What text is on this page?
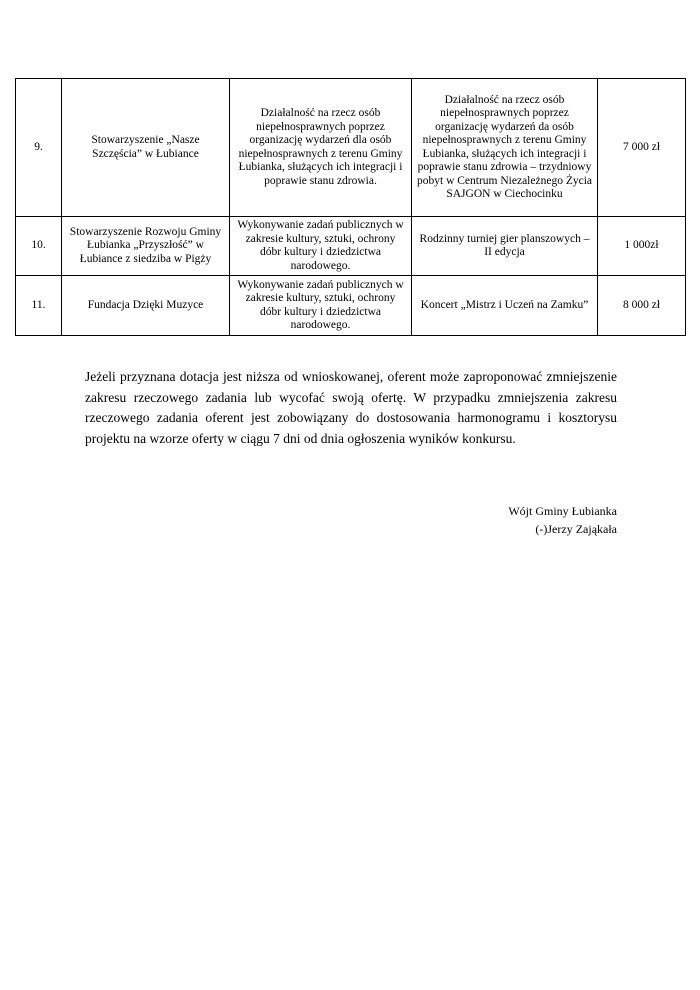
9.	Stowarzyszenie „Nasze Szczęścia” w Łubiance	Działalność na rzecz osób niepełnosprawnych poprzez organizację wydarzeń dla osób niepełnosprawnych z terenu Gminy Łubianka, służących ich integracji i poprawie stanu zdrowia.	Działalność na rzecz osób niepełnosprawnych poprzez organizację wydarzeń da osób niepełnosprawnych z terenu Gminy Łubianka, służących ich integracji i poprawie stanu zdrowia – trzydniowy pobyt w Centrum Niezależnego Życia SAJGON w Ciechocinku	7 000 zł
10.	Stowarzyszenie Rozwoju Gminy Łubianka „Przyszłość” w Łubiance z siedziba w Pigży	Wykonywanie zadań publicznych w zakresie kultury, sztuki, ochrony dóbr kultury i dziedzictwa narodowego.	Rodzinny turniej gier planszowych – II edycja	1 000zł
11.	Fundacja Dzięki Muzyce	Wykonywanie zadań publicznych w zakresie kultury, sztuki, ochrony dóbr kultury i dziedzictwa narodowego.	Koncert „Mistrz i Uczeń na Zamku”	8 000 zł

Jeżeli przyznana dotacja jest niższa od wnioskowanej, oferent może zaproponować zmniejszenie zakresu rzeczowego zadania lub wycofać swoją ofertę. W przypadku zmniejszenia zakresu rzeczowego zadania oferent jest zobowiązany do dostosowania harmonogramu i kosztorysu projektu na wzorze oferty w ciągu 7 dni od dnia ogłoszenia wyników konkursu.

Wójt Gminy Łubianka
(-)Jerzy Zająkała
